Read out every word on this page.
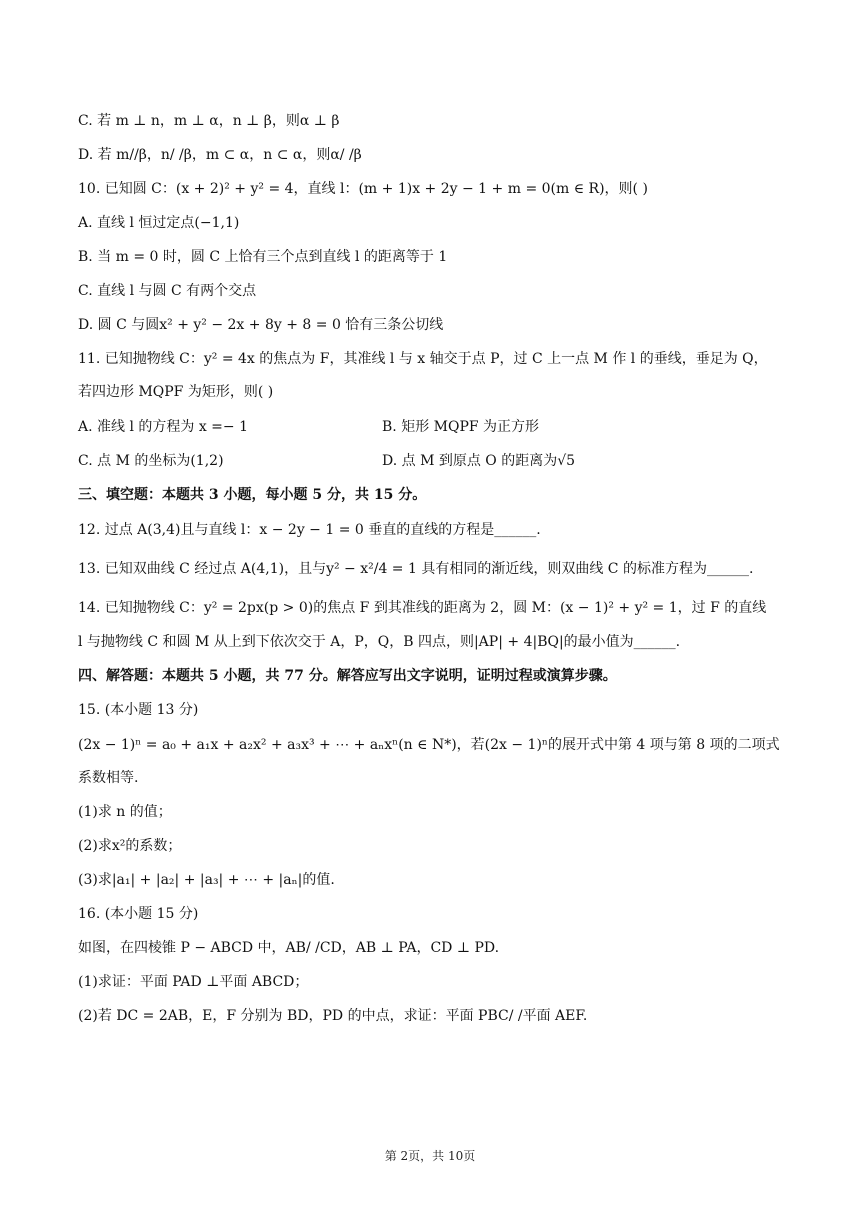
C. 若 m ⊥ n，m ⊥ α，n ⊥ β，则α ⊥ β
D. 若 m//β，n/ /β，m ⊂ α，n ⊂ α，则α/ /β
10. 已知圆 C：(x + 2)² + y² = 4，直线 l：(m + 1)x + 2y − 1 + m = 0(m ∈ R)，则( )
A. 直线 l 恒过定点(−1,1)
B. 当 m = 0 时，圆 C 上恰有三个点到直线 l 的距离等于 1
C. 直线 l 与圆 C 有两个交点
D. 圆 C 与圆x² + y² − 2x + 8y + 8 = 0 恰有三条公切线
11. 已知抛物线 C：y² = 4x 的焦点为 F，其准线 l 与 x 轴交于点 P，过 C 上一点 M 作 l 的垂线，垂足为 Q，
若四边形 MQPF 为矩形，则( )
A. 准线 l 的方程为 x =− 1	B. 矩形 MQPF 为正方形
C. 点 M 的坐标为(1,2)	D. 点 M 到原点 O 的距离为√5
三、填空题：本题共 3 小题，每小题 5 分，共 15 分。
12. 过点 A(3,4)且与直线 l：x − 2y − 1 = 0 垂直的直线的方程是______.
13. 已知双曲线 C 经过点 A(4,1)，且与y² − x²/4 = 1 具有相同的渐近线，则双曲线 C 的标准方程为______.
14. 已知抛物线 C：y² = 2px(p > 0)的焦点 F 到其准线的距离为 2，圆 M：(x − 1)² + y² = 1，过 F 的直线
l 与抛物线 C 和圆 M 从上到下依次交于 A，P，Q，B 四点，则|AP| + 4|BQ|的最小值为______.
四、解答题：本题共 5 小题，共 77 分。解答应写出文字说明，证明过程或演算步骤。
15. (本小题 13 分)
(2x − 1)ⁿ = a₀ + a₁x + a₂x² + a₃x³ + ⋯ + aₙxⁿ(n ∈ N*)，若(2x − 1)ⁿ的展开式中第 4 项与第 8 项的二项式
系数相等.
(1)求 n 的值；
(2)求x²的系数；
(3)求|a₁| + |a₂| + |a₃| + ⋯ + |aₙ|的值.
16. (本小题 15 分)
如图，在四棱锥 P − ABCD 中，AB/ /CD，AB ⊥ PA，CD ⊥ PD.
(1)求证：平面 PAD ⊥平面 ABCD；
(2)若 DC = 2AB，E，F 分别为 BD，PD 的中点，求证：平面 PBC/ /平面 AEF.
第 2页，共 10页
